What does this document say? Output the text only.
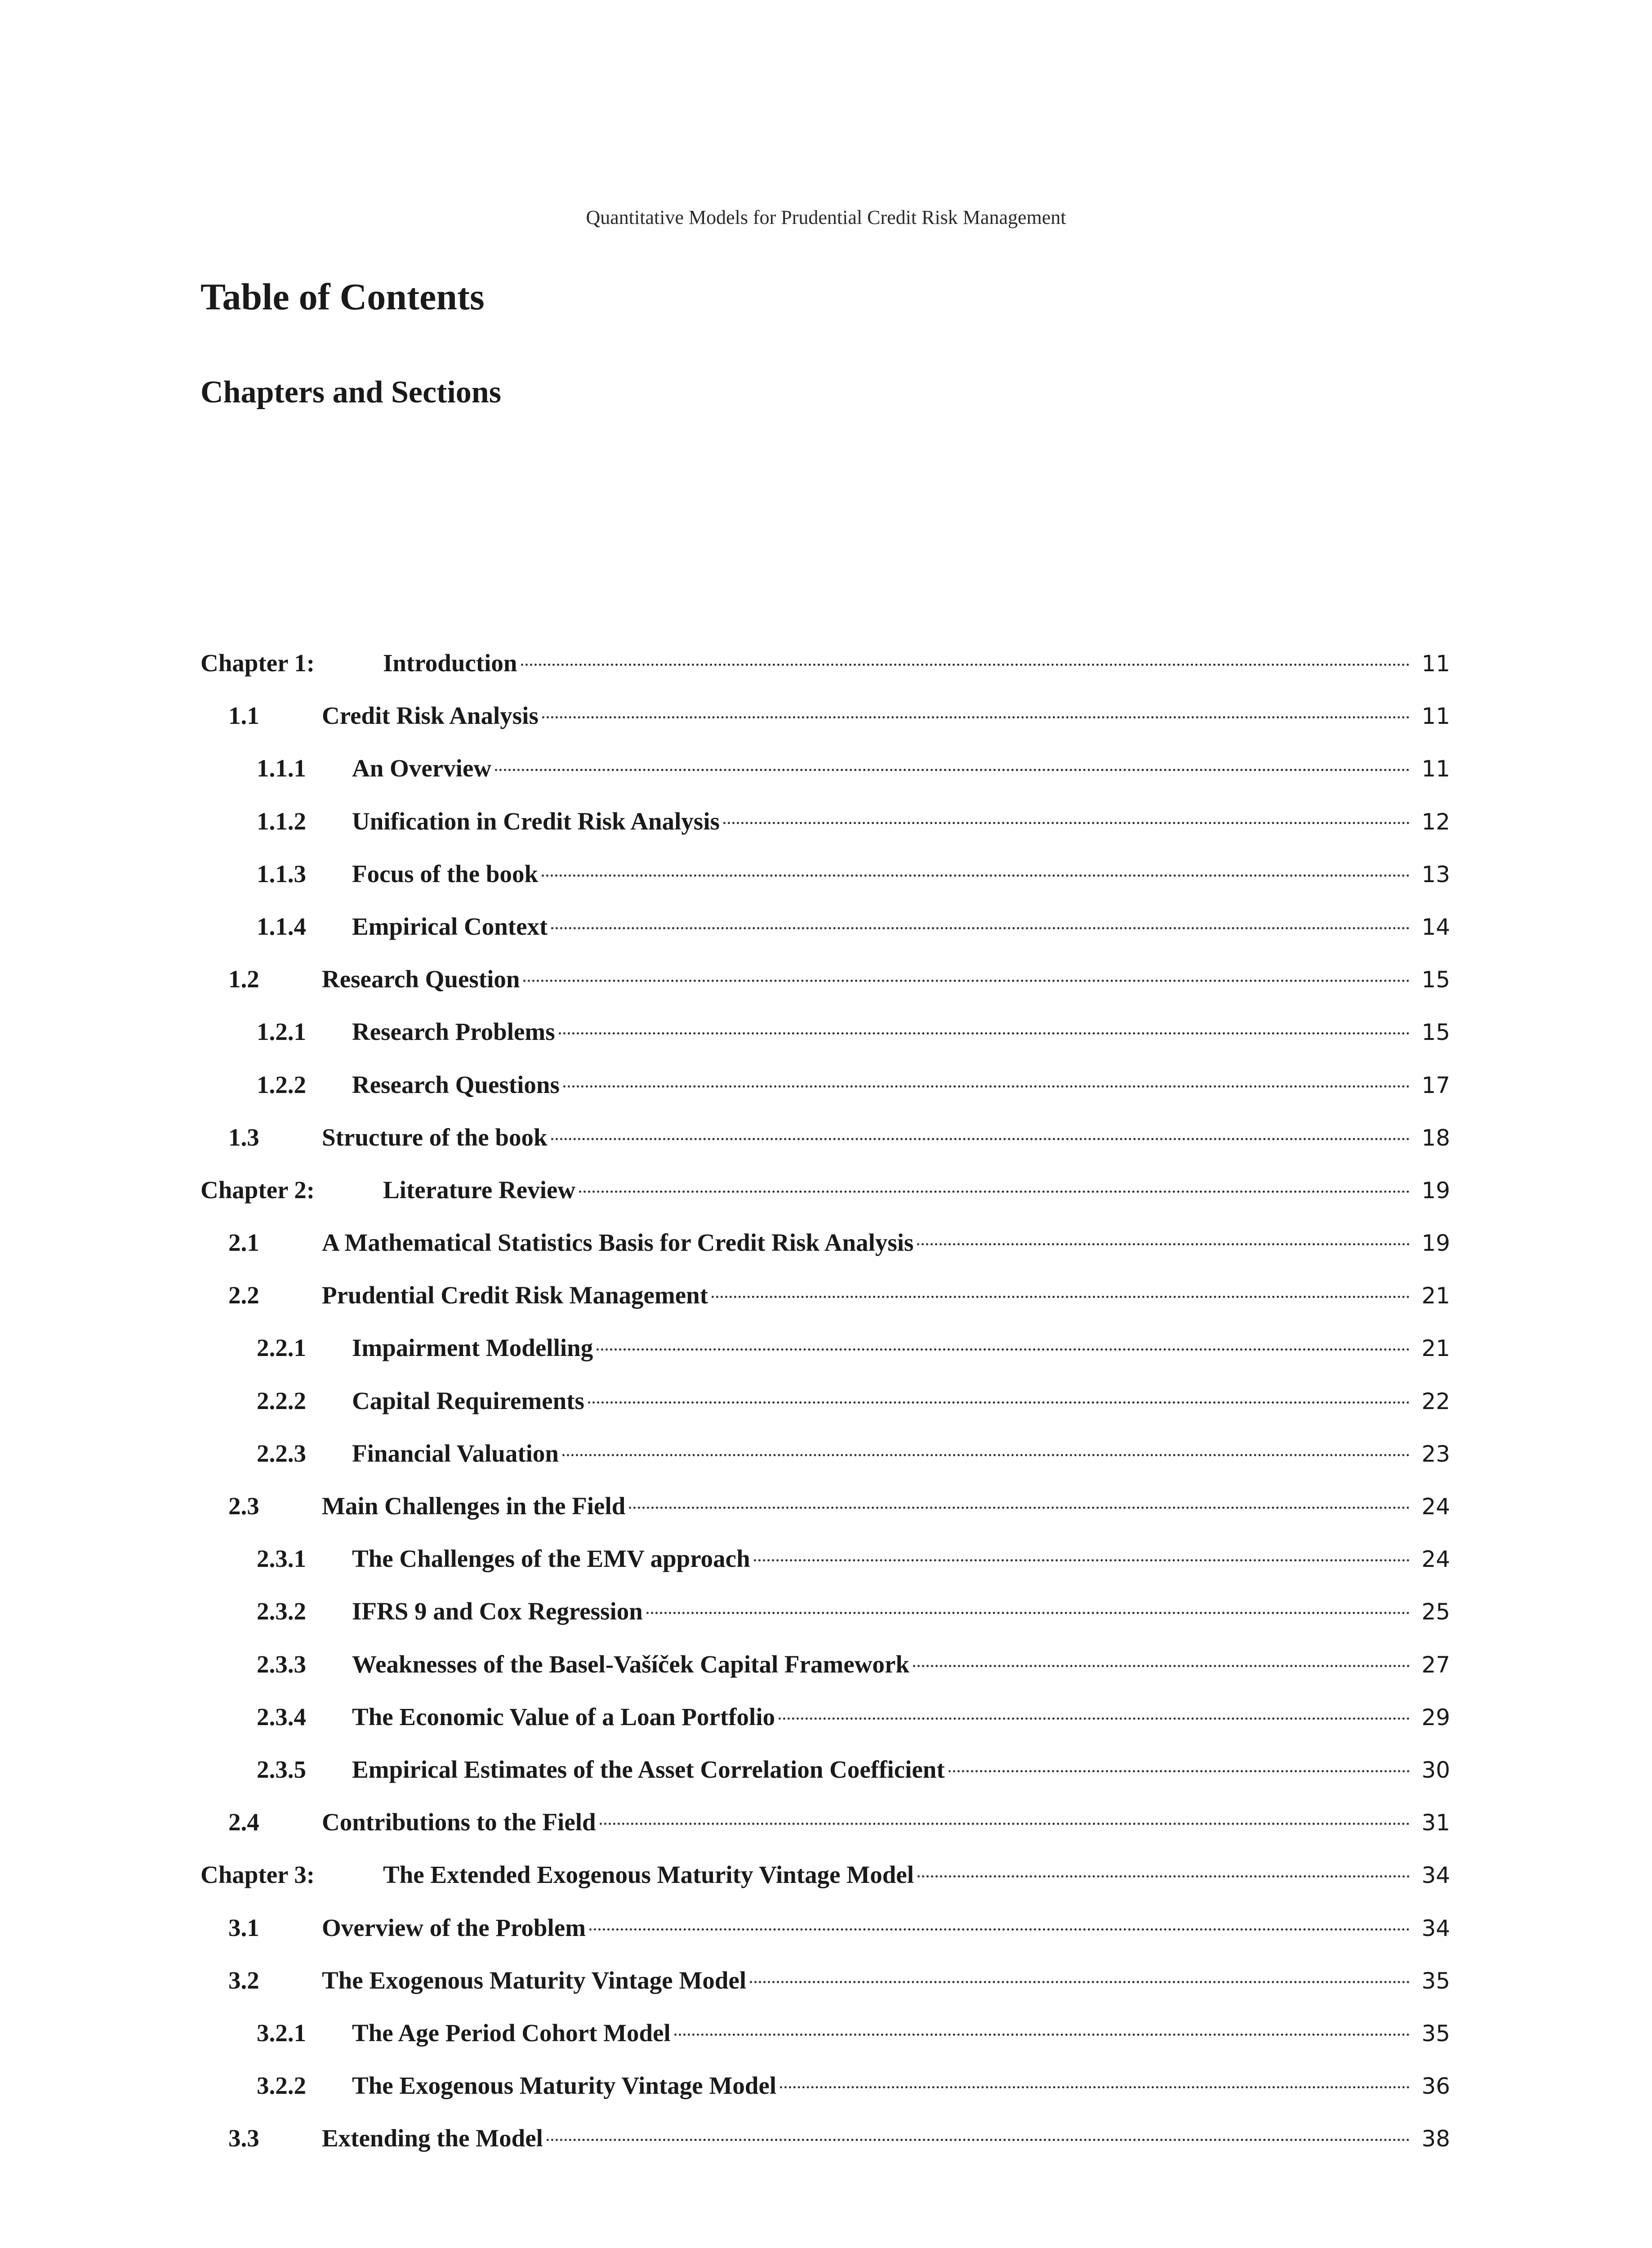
Quantitative Models for Prudential Credit Risk Management
Table of Contents
Chapters and Sections
Chapter 1:	Introduction	11
1.1	Credit Risk Analysis	11
1.1.1 An Overview	11
1.1.2 Unification in Credit Risk Analysis	12
1.1.3 Focus of the book	13
1.1.4 Empirical Context	14
1.2	Research Question	15
1.2.1 Research Problems	15
1.2.2 Research Questions	17
1.3	Structure of the book	18
Chapter 2:	Literature Review	19
2.1	A Mathematical Statistics Basis for Credit Risk Analysis	19
2.2	Prudential Credit Risk Management	21
2.2.1 Impairment Modelling	21
2.2.2 Capital Requirements	22
2.2.3 Financial Valuation	23
2.3	Main Challenges in the Field	24
2.3.1 The Challenges of the EMV approach	24
2.3.2 IFRS 9 and Cox Regression	25
2.3.3 Weaknesses of the Basel-Vašíček Capital Framework	27
2.3.4 The Economic Value of a Loan Portfolio	29
2.3.5 Empirical Estimates of the Asset Correlation Coefficient	30
2.4	Contributions to the Field	31
Chapter 3:	The Extended Exogenous Maturity Vintage Model	34
3.1	Overview of the Problem	34
3.2	The Exogenous Maturity Vintage Model	35
3.2.1 The Age Period Cohort Model	35
3.2.2 The Exogenous Maturity Vintage Model	36
3.3	Extending the Model	38
